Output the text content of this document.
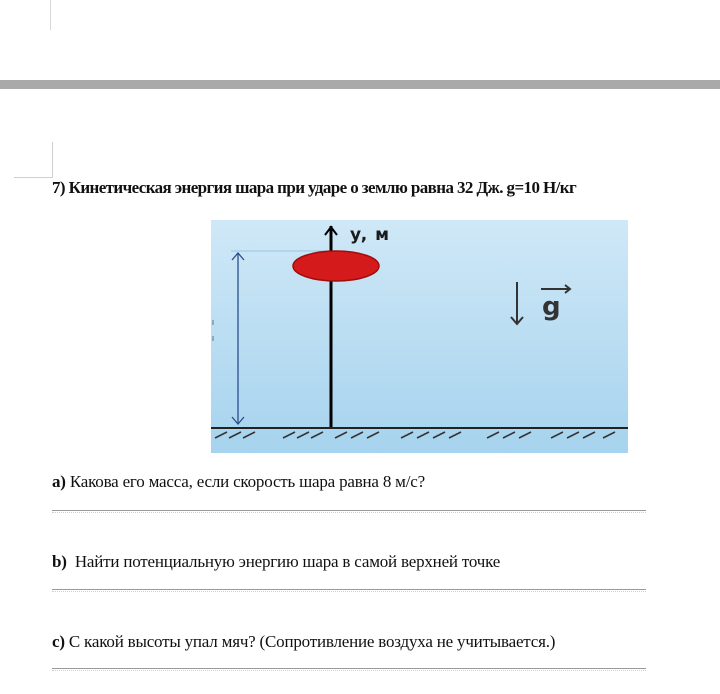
7) Кинетическая энергия шара при ударе о землю равна 32 Дж. g=10 Н/кг
y, м
g
a) Какова его масса, если скорость шара равна 8 м/с?
b)  Найти потенциальную энергию шара в самой верхней точке
c) С какой высоты упал мяч? (Сопротивление воздуха не учитывается.)
